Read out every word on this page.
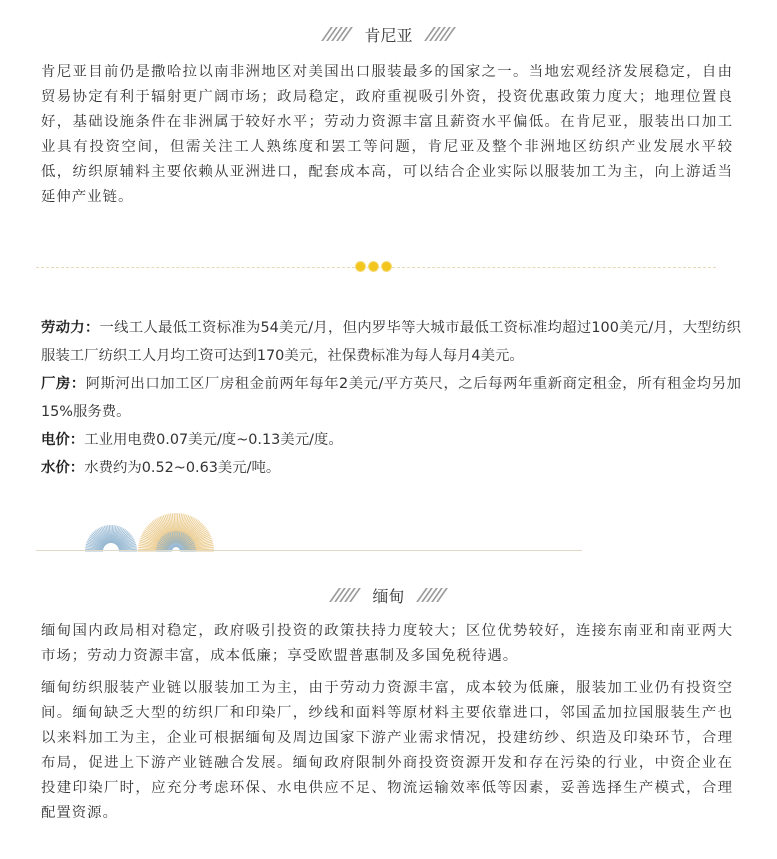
肯尼亚

肯尼亚目前仍是撒哈拉以南非洲地区对美国出口服装最多的国家之一。当地宏观经济发展稳定，自由贸易协定有利于辐射更广阔市场；政局稳定，政府重视吸引外资，投资优惠政策力度大；地理位置良好，基础设施条件在非洲属于较好水平；劳动力资源丰富且薪资水平偏低。在肯尼亚，服装出口加工业具有投资空间，但需关注工人熟练度和罢工等问题，肯尼亚及整个非洲地区纺织产业发展水平较低，纺织原辅料主要依赖从亚洲进口，配套成本高，可以结合企业实际以服装加工为主，向上游适当延伸产业链。

劳动力：一线工人最低工资标准为54美元/月，但内罗毕等大城市最低工资标准均超过100美元/月，大型纺织服装工厂纺织工人月均工资可达到170美元，社保费标准为每人每月4美元。

厂房：阿斯河出口加工区厂房租金前两年每年2美元/平方英尺，之后每两年重新商定租金，所有租金均另加15%服务费。

电价：工业用电费0.07美元/度~0.13美元/度。

水价：水费约为0.52~0.63美元/吨。

缅甸

缅甸国内政局相对稳定，政府吸引投资的政策扶持力度较大；区位优势较好，连接东南亚和南亚两大市场；劳动力资源丰富，成本低廉；享受欧盟普惠制及多国免税待遇。

缅甸纺织服装产业链以服装加工为主，由于劳动力资源丰富，成本较为低廉，服装加工业仍有投资空间。缅甸缺乏大型的纺织厂和印染厂，纱线和面料等原材料主要依靠进口，邻国孟加拉国服装生产也以来料加工为主，企业可根据缅甸及周边国家下游产业需求情况，投建纺纱、织造及印染环节，合理布局，促进上下游产业链融合发展。缅甸政府限制外商投资资源开发和存在污染的行业，中资企业在投建印染厂时，应充分考虑环保、水电供应不足、物流运输效率低等因素，妥善选择生产模式，合理配置资源。
